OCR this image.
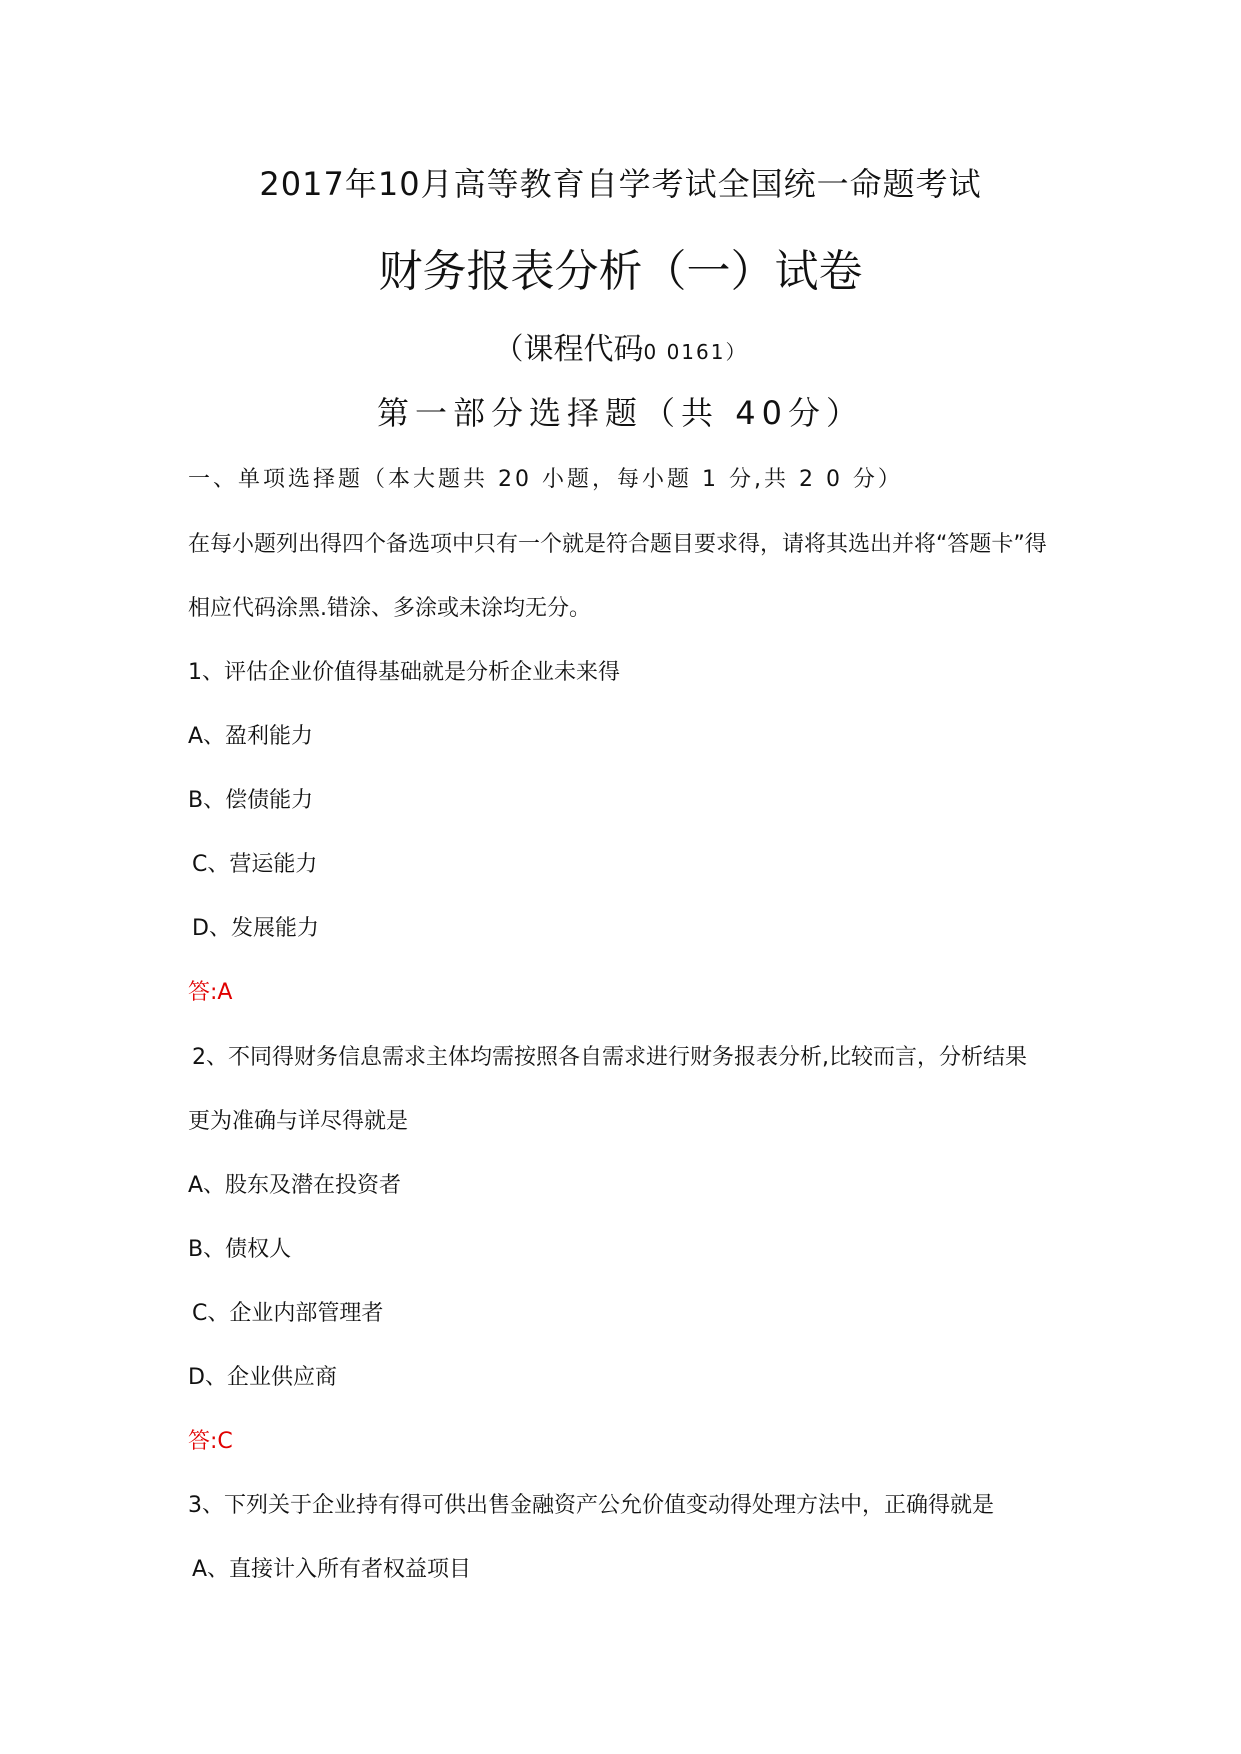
2017年10月高等教育自学考试全国统一命题考试
财务报表分析（一）试卷
（课程代码0 0161）
第一部分选择题（共 40分）
一、单项选择题（本大题共 20 小题，每小题 1 分,共 2 0 分）
在每小题列出得四个备选项中只有一个就是符合题目要求得，请将其选出并将“答题卡”得
相应代码涂黑.错涂、多涂或未涂均无分。
1、评估企业价值得基础就是分析企业未来得
A、盈利能力
B、偿债能力
C、营运能力
D、发展能力
答:A
2、不同得财务信息需求主体均需按照各自需求进行财务报表分析,比较而言，分析结果
更为准确与详尽得就是
A、股东及潜在投资者
B、债权人
C、企业内部管理者
D、企业供应商
答:C
3、下列关于企业持有得可供出售金融资产公允价值变动得处理方法中，正确得就是
A、直接计入所有者权益项目
